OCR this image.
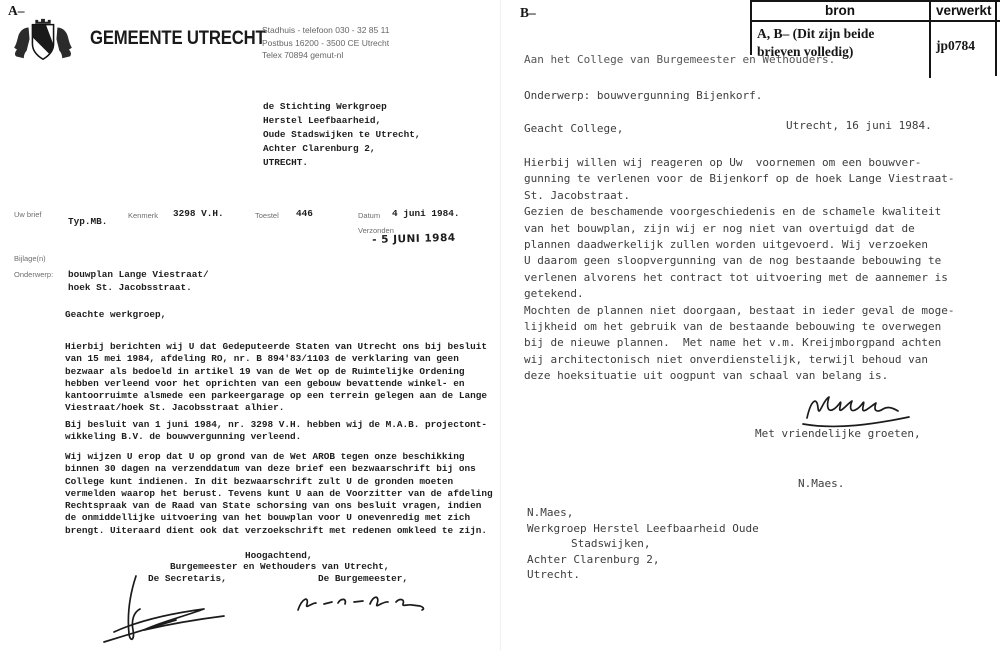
A–
GEMEENTE UTRECHT
Stadhuis - telefoon 030 - 32 85 11
Postbus 16200 - 3500 CE Utrecht
Telex 70894 gemut-nl
de Stichting Werkgroep
Herstel Leefbaarheid,
Oude Stadswijken te Utrecht,
Achter Clarenburg 2,
UTRECHT.
Uw brief
Typ.MB.
Kenmerk 3298 V.H.	Toestel 446	Datum 4 juni 1984.
Verzonden
- 5 JUNI 1984
Bijlage(n)
Onderwerp: bouwplan Lange Viestraat/
hoek St. Jacobsstraat.
Geachte werkgroep,
Hierbij berichten wij U dat Gedeputeerde Staten van Utrecht ons bij besluit
van 15 mei 1984, afdeling RO, nr. B 894'83/1103 de verklaring van geen
bezwaar als bedoeld in artikel 19 van de Wet op de Ruimtelijke Ordening
hebben verleend voor het oprichten van een gebouw bevattende winkel- en
kantoorruimte alsmede een parkeergarage op een terrein gelegen aan de Lange
Viestraat/hoek St. Jacobsstraat alhier.
Bij besluit van 1 juni 1984, nr. 3298 V.H. hebben wij de M.A.B. projectont-
wikkeling B.V. de bouwvergunning verleend.
Wij wijzen U erop dat U op grond van de Wet AROB tegen onze beschikking
binnen 30 dagen na verzenddatum van deze brief een bezwaarschrift bij ons
College kunt indienen. In dit bezwaarschrift zult U de gronden moeten
vermelden waarop het berust. Tevens kunt U aan de Voorzitter van de afdeling
Rechtspraak van de Raad van State schorsing van ons besluit vragen, indien
de onmiddellijke uitvoering van het bouwplan voor U onevenredig met zich
brengt. Uiteraard dient ook dat verzoekschrift met redenen omkleed te zijn.
Hoogachtend,
Burgemeester en Wethouders van Utrecht,
De Secretaris,	De Burgemeester,
B–	bron	verwerkt
A, B– (Dit zijn beide
brieven volledig)	jp0784
Aan het College van Burgemeester en Wethouders.
Onderwerp: bouwvergunning Bijenkorf.
Geacht College,	Utrecht, 16 juni 1984.
Hierbij willen wij reageren op Uw  voornemen om een bouwver-
gunning te verlenen voor de Bijenkorf op de hoek Lange Viestraat-
St. Jacobstraat.
Gezien de beschamende voorgeschiedenis en de schamele kwaliteit
van het bouwplan, zijn wij er nog niet van overtuigd dat de
plannen daadwerkelijk zullen worden uitgevoerd. Wij verzoeken
U daarom geen sloopvergunning van de nog bestaande bebouwing te
verlenen alvorens het contract tot uitvoering met de aannemer is
getekend.
Mochten de plannen niet doorgaan, bestaat in ieder geval de moge-
lijkheid om het gebruik van de bestaande bebouwing te overwegen
bij de nieuwe plannen.  Met name het v.m. Kreijmborgpand achten
wij architectonisch niet onverdienstelijk, terwijl behoud van
deze hoeksituatie uit oogpunt van schaal van belang is.
Met vriendelijke groeten,
N.Maes.
N.Maes,
Werkgroep Herstel Leefbaarheid Oude
Stadswijken,
Achter Clarenburg 2,
Utrecht.
